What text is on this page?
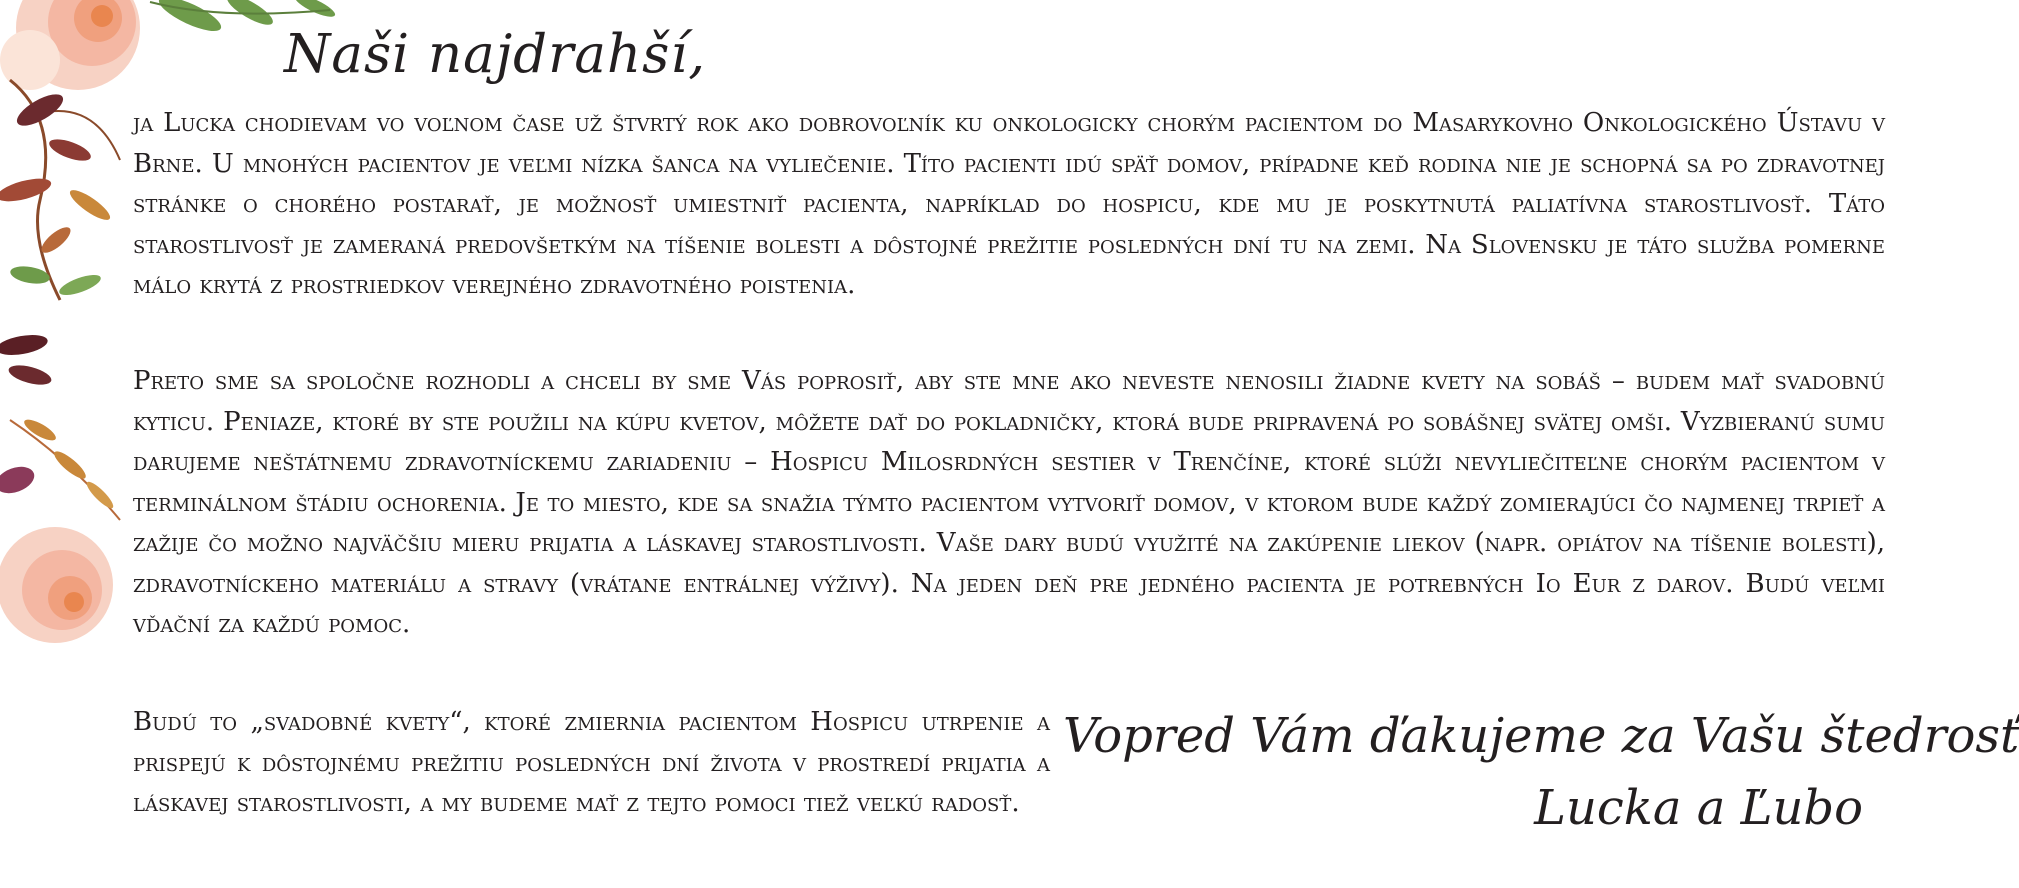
Naši najdrahší,

ja Lucka chodievam vo voľnom čase už štvrtý rok ako dobrovoľník ku onkologicky chorým pacientom do Masarykovho Onkologického Ústavu v Brne. U mnohých pacientov je veľmi nízka šanca na vyliečenie. Títo pacienti idú späť domov, prípadne keď rodina nie je schopná sa po zdravotnej stránke o chorého postarať, je možnosť umiestniť pacienta, napríklad do hospicu, kde mu je poskytnutá paliatívna starostlivosť. Táto starostlivosť je zameraná predovšetkým na tíšenie bolesti a dôstojné prežitie posledných dní tu na zemi. Na Slovensku je táto služba pomerne málo krytá z prostriedkov verejného zdravotného poistenia.

Preto sme sa spoločne rozhodli a chceli by sme Vás poprosiť, aby ste mne ako neveste nenosili žiadne kvety na sobáš – budem mať svadobnú kyticu. Peniaze, ktoré by ste použili na kúpu kvetov, môžete dať do pokladničky, ktorá bude pripravená po sobášnej svätej omši. Vyzbieranú sumu darujeme neštátnemu zdravotníckemu zariadeniu – Hospicu Milosrdných sestier v Trenčíne, ktoré slúži nevyliečiteľne chorým pacientom v terminálnom štádiu ochorenia. Je to miesto, kde sa snažia týmto pacientom vytvoriť domov, v ktorom bude každý zomierajúci čo najmenej trpieť a zažije čo možno najväčšiu mieru prijatia a láskavej starostlivosti. Vaše dary budú využité na zakúpenie liekov (napr. opiátov na tíšenie bolesti), zdravotníckeho materiálu a stravy (vrátane entrálnej výživy). Na jeden deň pre jedného pacienta je potrebných Io Eur z darov. Budú veľmi vďační za každú pomoc.

Budú to „svadobné kvety“, ktoré zmiernia pacientom Hospicu utrpenie a prispejú k dôstojnému prežitiu posledných dní života v prostredí prijatia a láskavej starostlivosti, a my budeme mať z tejto pomoci tiež veľkú radosť.

Vopred Vám ďakujeme za Vašu štedrosť

Lucka a Ľubo
